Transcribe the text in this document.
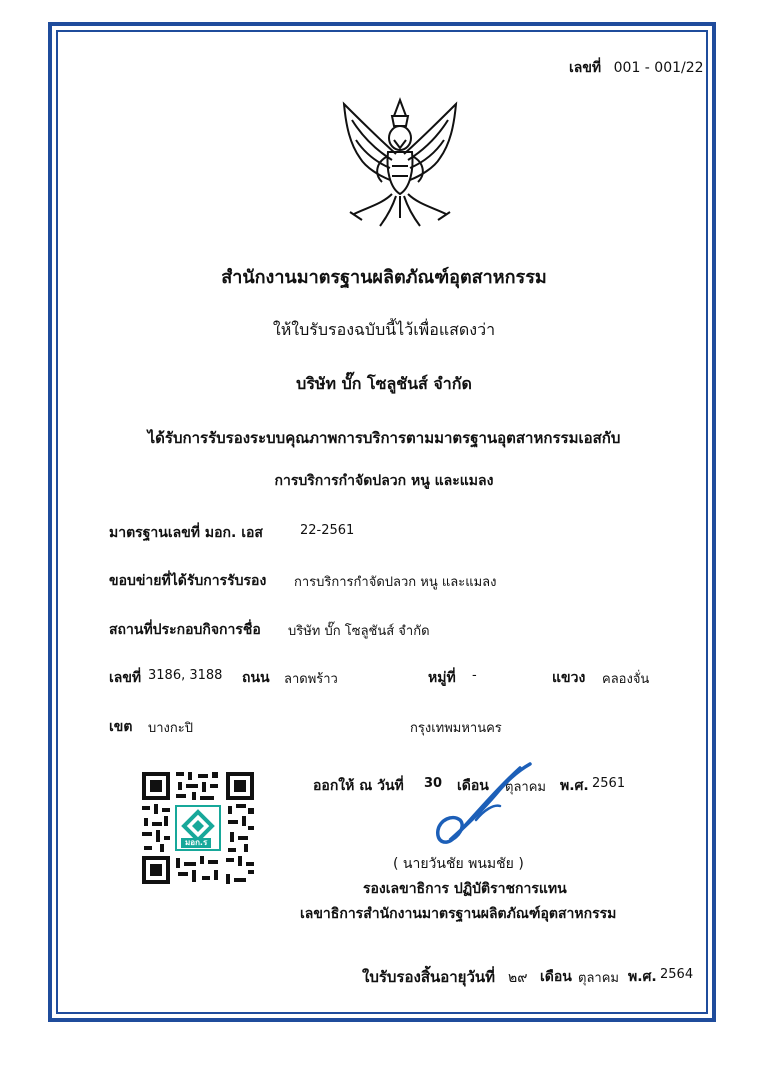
เลขที่ 001 - 001/22
สำนักงานมาตรฐานผลิตภัณฑ์อุตสาหกรรม
ให้ใบรับรองฉบับนี้ไว้เพื่อแสดงว่า
บริษัท บั๊ก โซลูชันส์ จำกัด
ได้รับการรับรองระบบคุณภาพการบริการตามมาตรฐานอุตสาหกรรมเอสกับ
การบริการกำจัดปลวก หนู และแมลง
มาตรฐานเลขที่ มอก. เอส	22-2561
ขอบข่ายที่ได้รับการรับรอง การบริการกำจัดปลวก หนู และแมลง
สถานที่ประกอบกิจการชื่อ บริษัท บั๊ก โซลูชันส์ จำกัด
เลขที่ 3186, 3188 ถนน ลาดพร้าว	หมู่ที่ -	แขวง คลองจั่น
เขต บางกะปิ	กรุงเทพมหานคร
มอก.ร
ออกให้ ณ วันที่ 30 เดือน ตุลาคม พ.ศ. 2561
( นายวันชัย พนมชัย )
รองเลขาธิการ ปฏิบัติราชการแทน
เลขาธิการสำนักงานมาตรฐานผลิตภัณฑ์อุตสาหกรรม
ใบรับรองสิ้นอายุวันที่ ๒๙ เดือน ตุลาคม พ.ศ. 2564
